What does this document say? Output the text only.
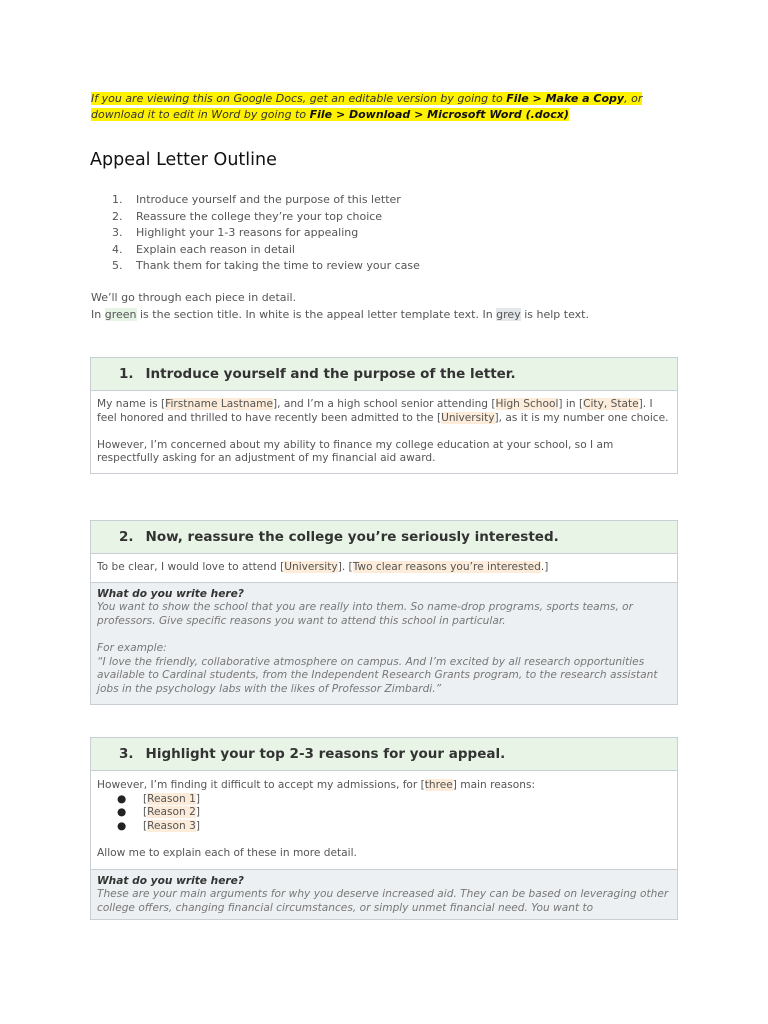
If you are viewing this on Google Docs, get an editable version by going to File > Make a Copy, or download it to edit in Word by going to File > Download > Microsoft Word (.docx)
Appeal Letter Outline
1.	Introduce yourself and the purpose of this letter
2.	Reassure the college they’re your top choice
3.	Highlight your 1-3 reasons for appealing
4.	Explain each reason in detail
5.	Thank them for taking the time to review your case

We’ll go through each piece in detail.

In green is the section title. In white is the appeal letter template text. In grey is help text.

1. Introduce yourself and the purpose of the letter.

My name is [Firstname Lastname], and I’m a high school senior attending [High School] in [City, State]. I feel honored and thrilled to have recently been admitted to the [University], as it is my number one choice.

However, I’m concerned about my ability to finance my college education at your school, so I am respectfully asking for an adjustment of my financial aid award.

2. Now, reassure the college you’re seriously interested.

To be clear, I would love to attend [University]. [Two clear reasons you’re interested.]

What do you write here?

You want to show the school that you are really into them. So name-drop programs, sports teams, or professors. Give specific reasons you want to attend this school in particular.

For example:

“I love the friendly, collaborative atmosphere on campus. And I’m excited by all research opportunities available to Cardinal students, from the Independent Research Grants program, to the research assistant jobs in the psychology labs with the likes of Professor Zimbardi.”

3. Highlight your top 2-3 reasons for your appeal.

However, I’m finding it difficult to accept my admissions, for [three] main reasons:

●	[Reason 1]
●	[Reason 2]
●	[Reason 3]

Allow me to explain each of these in more detail.

What do you write here?

These are your main arguments for why you deserve increased aid. They can be based on leveraging other college offers, changing financial circumstances, or simply unmet financial need. You want to
